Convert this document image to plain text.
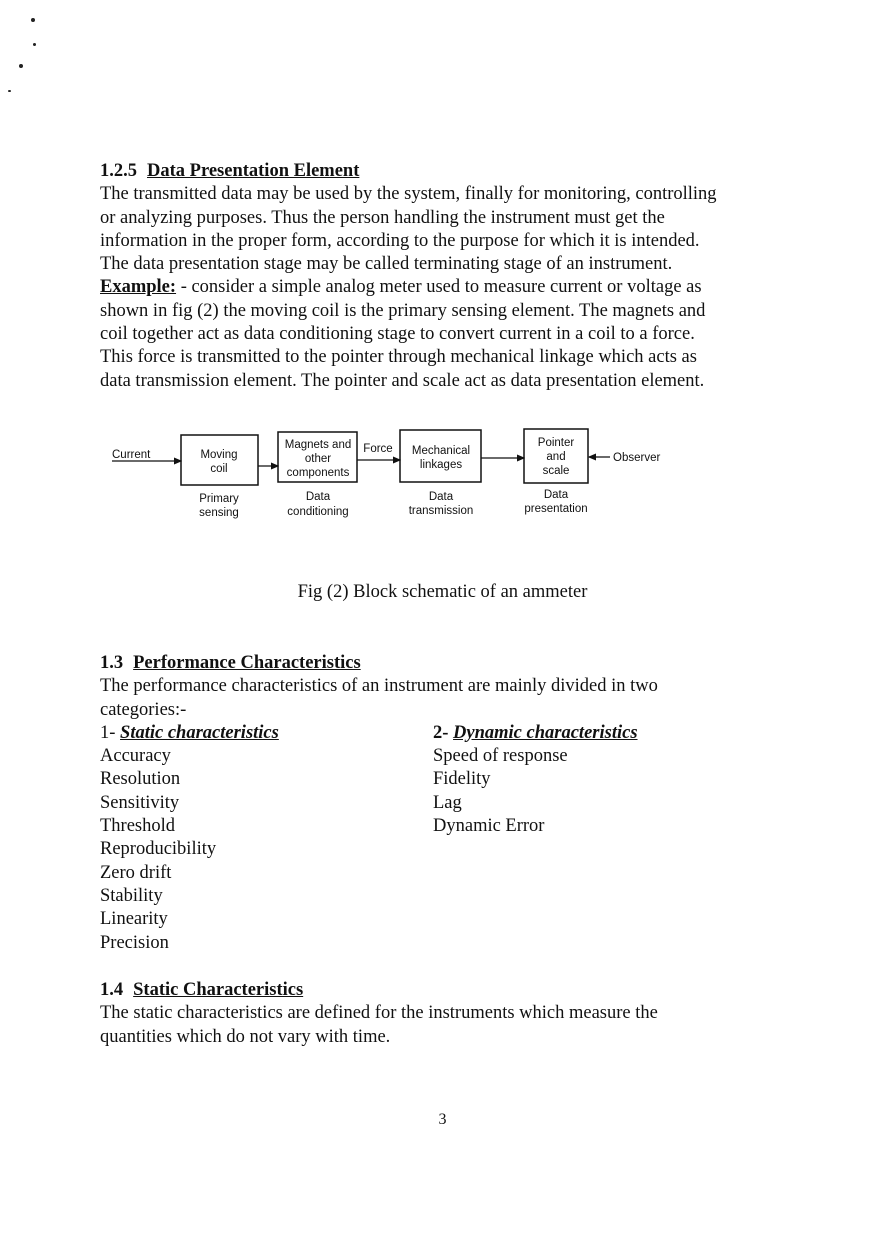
1.2.5 Data Presentation Element

The transmitted data may be used by the system, finally for monitoring, controlling

or analyzing purposes. Thus the person handling the instrument must get the

information in the proper form, according to the purpose for which it is intended.

The data presentation stage may be called terminating stage of an instrument.

Example: - consider a simple analog meter used to measure current or voltage as

shown in fig (2) the moving coil is the primary sensing element. The magnets and

coil together act as data conditioning stage to convert current in a coil to a force.

This force is transmitted to the pointer through mechanical linkage which acts as

data transmission element. The pointer and scale act as data presentation element.

Current	Moving
coil
Primary
sensing
Magnets and
other
components
Data
conditioning
Force Mechanical
linkages
Data
transmission
Pointer
and
scale
Data
presentation
Observer
Fig (2) Block schematic of an ammeter
1.3 Performance Characteristics

The performance characteristics of an instrument are mainly divided in two

categories:-

1- Static characteristics
Accuracy
Resolution
Sensitivity
Threshold
Reproducibility
Zero drift
Stability
Linearity
Precision
2- Dynamic characteristics
Speed of response
Fidelity
Lag
Dynamic Error
1.4 Static Characteristics

The static characteristics are defined for the instruments which measure the

quantities which do not vary with time.

3
